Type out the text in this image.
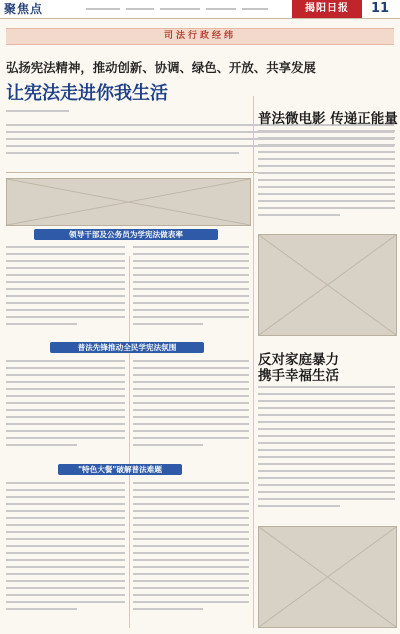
聚焦点	揭阳日报	11
司法行政经纬
弘扬宪法精神，推动创新、协调、绿色、开放、共享发展
让宪法走进你我生活
领导干部及公务员为学宪法做表率
普法先锋推动全民学宪法氛围
"特色大餐"破解普法难题
普法微电影 传递正能量
反对家庭暴力
携手幸福生活
